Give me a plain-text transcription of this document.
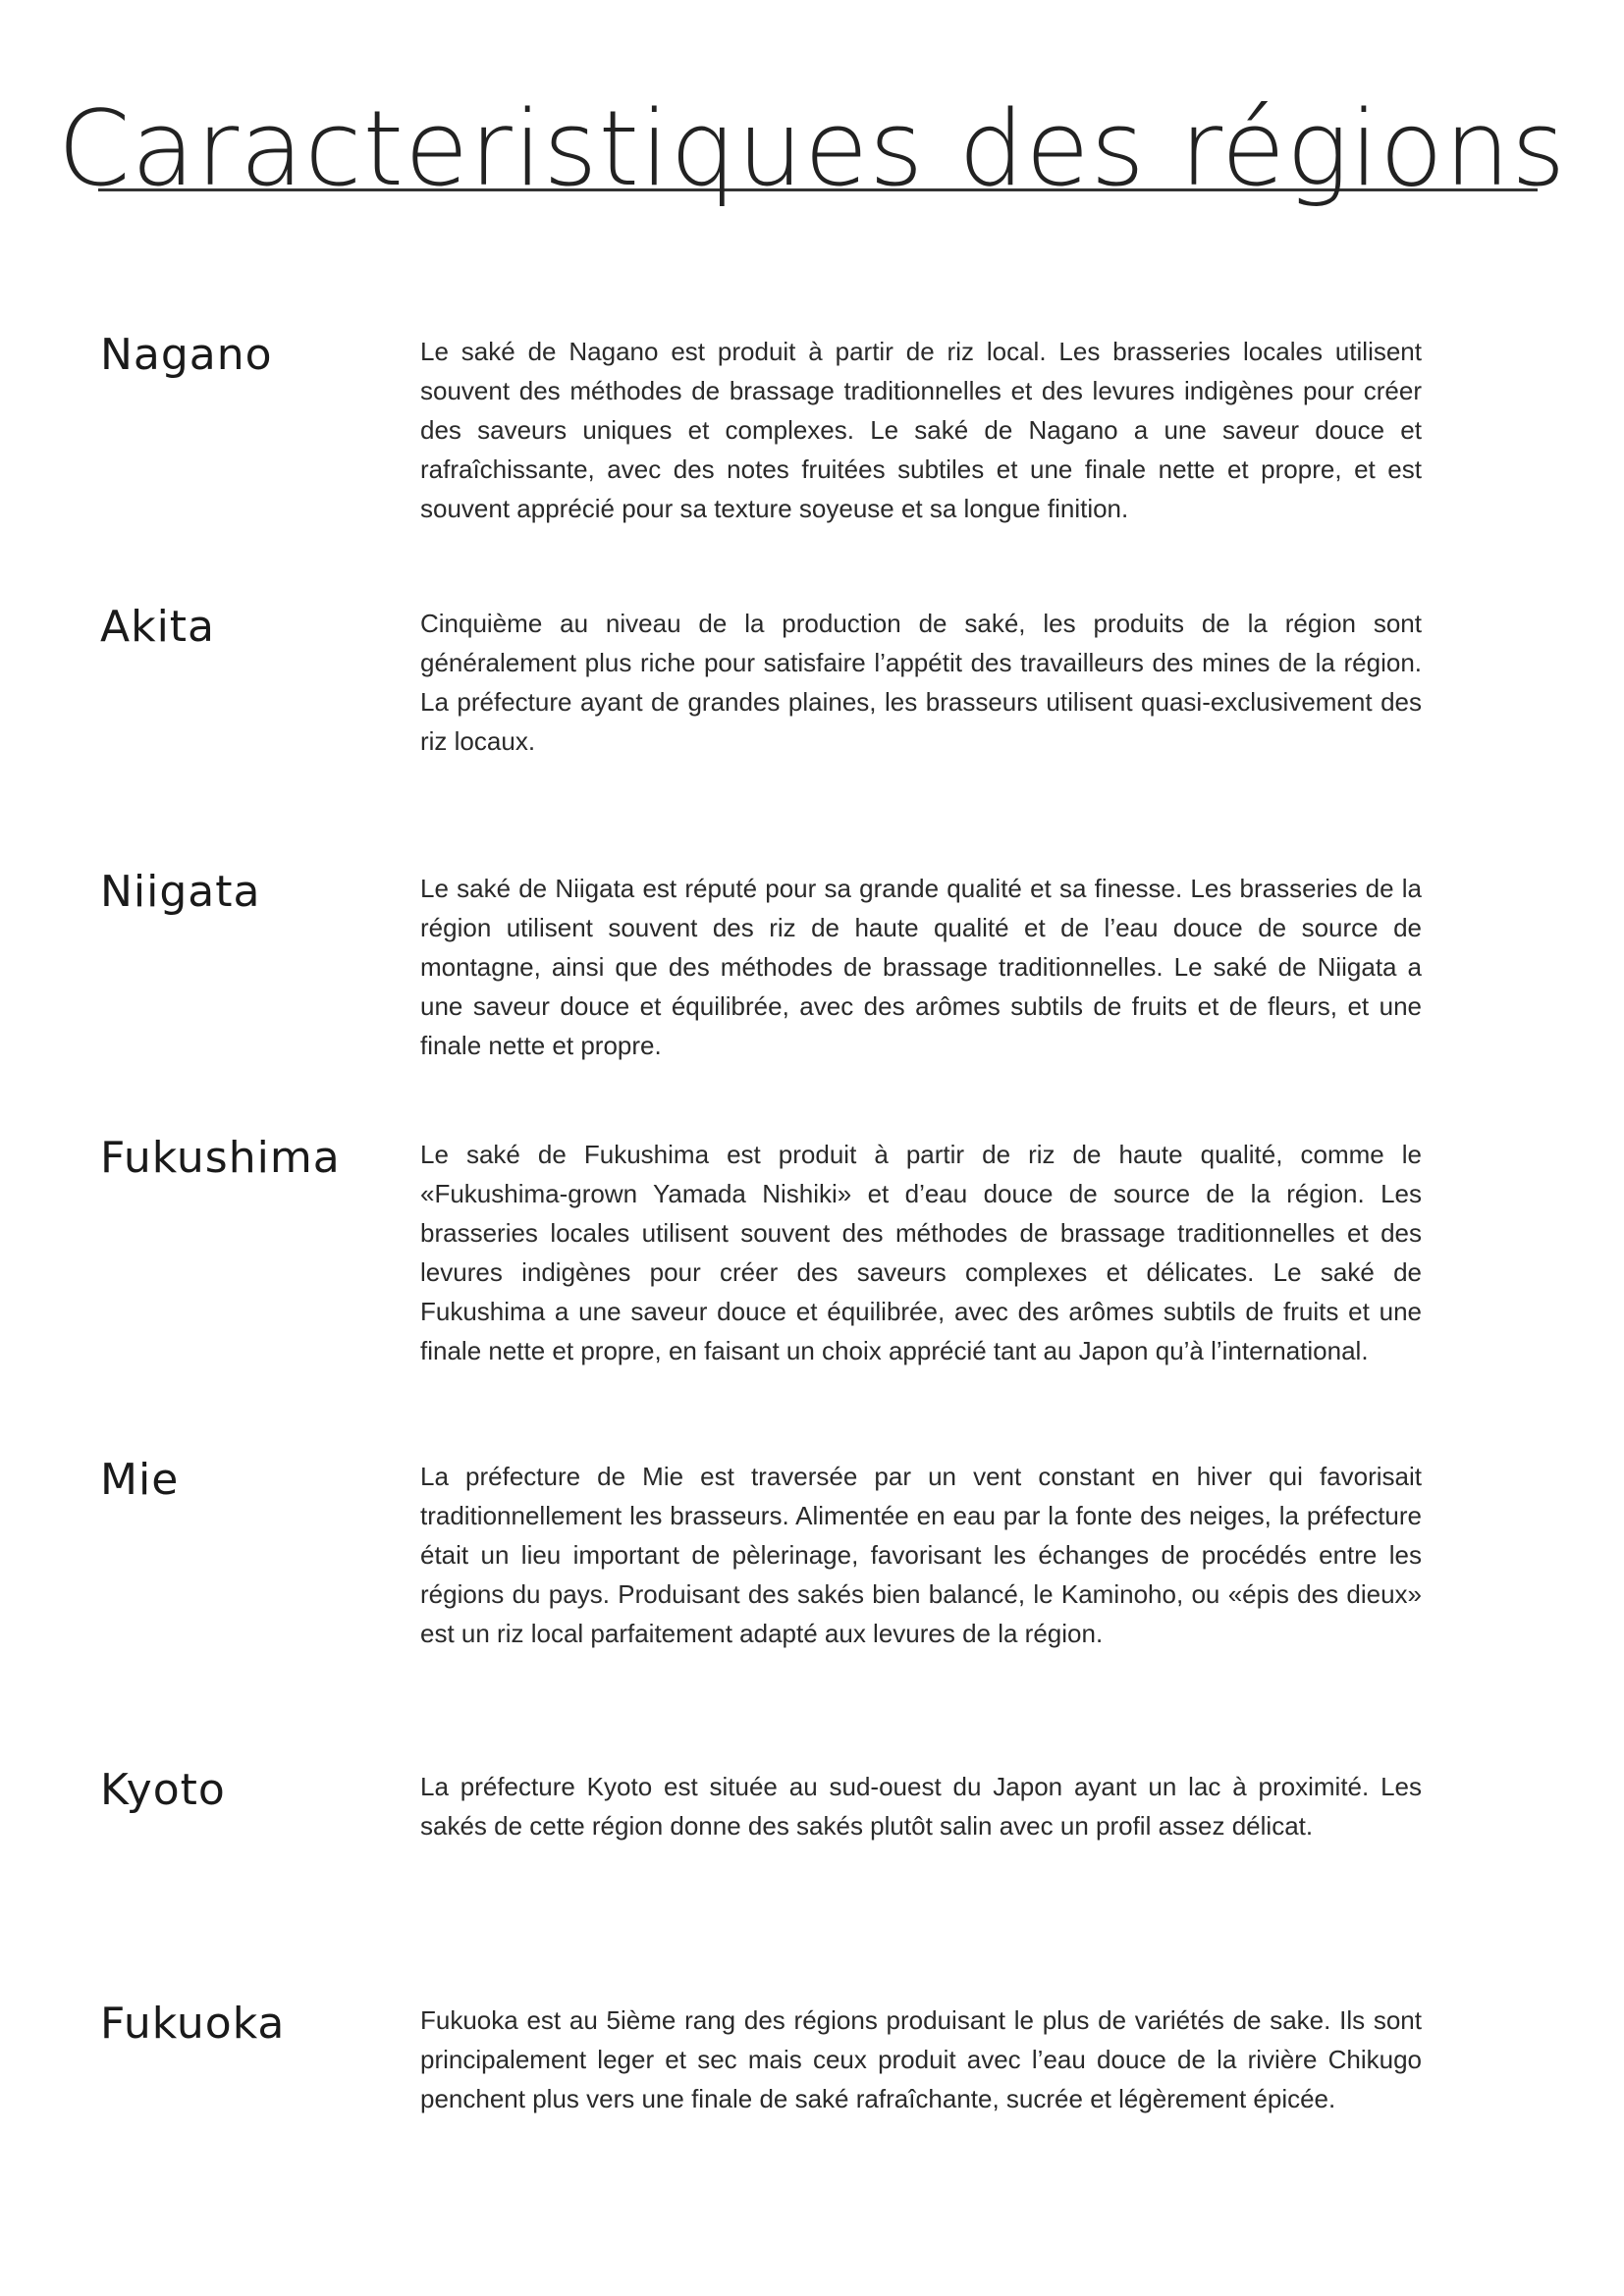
Caracteristiques des régions
Nagano	Le saké de Nagano est produit à partir de riz local. Les brasseries locales utilisent souvent des méthodes de brassage traditionnelles et des levures indigènes pour créer des saveurs uniques et complexes. Le saké de Nagano a une saveur douce et rafraîchissante, avec des notes fruitées subtiles et une finale nette et propre, et est souvent apprécié pour sa texture soyeuse et sa longue finition.

Akita	Cinquième au niveau de la production de saké, les produits de la région sont généralement plus riche pour satisfaire l’appétit des travailleurs des mines de la région. La préfecture ayant de grandes plaines, les brasseurs utilisent quasi-exclusivement des riz locaux.

Niigata	Le saké de Niigata est réputé pour sa grande qualité et sa finesse. Les brasseries de la région utilisent souvent des riz de haute qualité et de l’eau douce de source de montagne, ainsi que des méthodes de brassage traditionnelles. Le saké de Niigata a une saveur douce et équilibrée, avec des arômes subtils de fruits et de fleurs, et une finale nette et propre.

Fukushima	Le saké de Fukushima est produit à partir de riz de haute qualité, comme le «Fukushima-grown Yamada Nishiki» et d’eau douce de source de la région. Les brasseries locales utilisent souvent des méthodes de brassage traditionnelles et des levures indigènes pour créer des saveurs complexes et délicates. Le saké de Fukushima a une saveur douce et équilibrée, avec des arômes subtils de fruits et une finale nette et propre, en faisant un choix apprécié tant au Japon qu’à l’international.

Mie	La préfecture de Mie est traversée par un vent constant en hiver qui favorisait traditionnellement les brasseurs. Alimentée en eau par la fonte des neiges, la préfecture était un lieu important de pèlerinage, favorisant les échanges de procédés entre les régions du pays. Produisant des sakés bien balancé, le Kaminoho, ou «épis des dieux» est un riz local parfaitement adapté aux levures de la région.

Kyoto	La préfecture Kyoto est située au sud-ouest du Japon ayant un lac à proximité. Les sakés de cette région donne des sakés plutôt salin avec un profil assez délicat.

Fukuoka	Fukuoka est au 5ième rang des régions produisant le plus de variétés de sake. Ils sont principalement leger et sec mais ceux produit avec l’eau douce de la rivière Chikugo penchent plus vers une finale de saké rafraîchante, sucrée et légèrement épicée.
